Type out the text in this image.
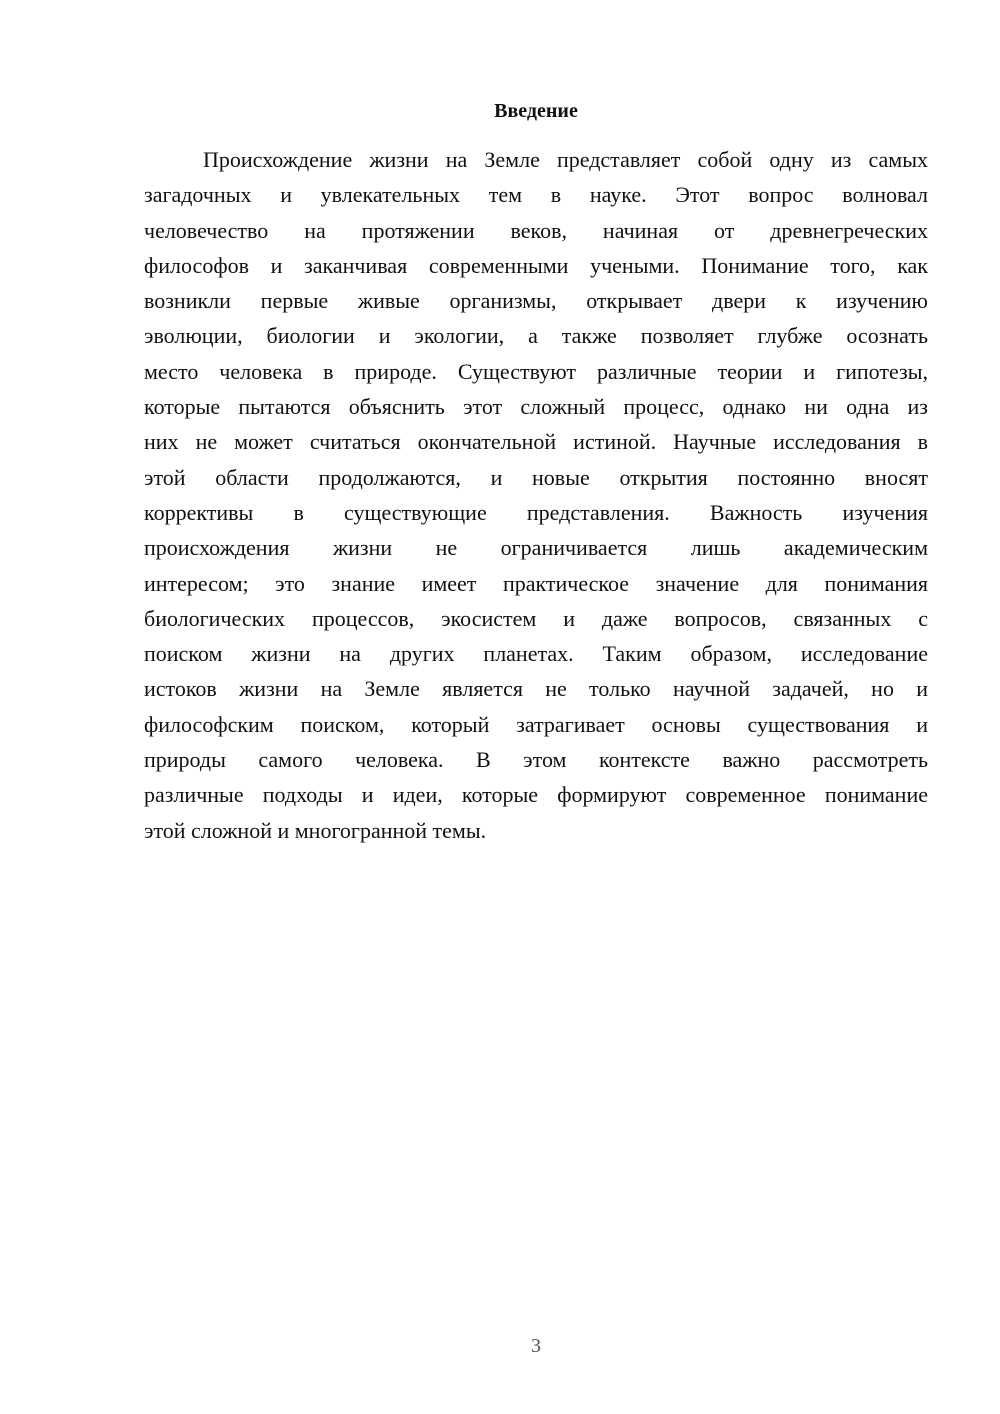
Введение
Происхождение жизни на Земле представляет собой одну из самых
загадочных и увлекательных тем в науке. Этот вопрос волновал
человечество на протяжении веков, начиная от древнегреческих
философов и заканчивая современными учеными. Понимание того, как
возникли первые живые организмы, открывает двери к изучению
эволюции, биологии и экологии, а также позволяет глубже осознать
место человека в природе. Существуют различные теории и гипотезы,
которые пытаются объяснить этот сложный процесс, однако ни одна из
них не может считаться окончательной истиной. Научные исследования в
этой области продолжаются, и новые открытия постоянно вносят
коррективы в существующие представления. Важность изучения
происхождения жизни не ограничивается лишь академическим
интересом; это знание имеет практическое значение для понимания
биологических процессов, экосистем и даже вопросов, связанных с
поиском жизни на других планетах. Таким образом, исследование
истоков жизни на Земле является не только научной задачей, но и
философским поиском, который затрагивает основы существования и
природы самого человека. В этом контексте важно рассмотреть
различные подходы и идеи, которые формируют современное понимание
этой сложной и многогранной темы.
3
